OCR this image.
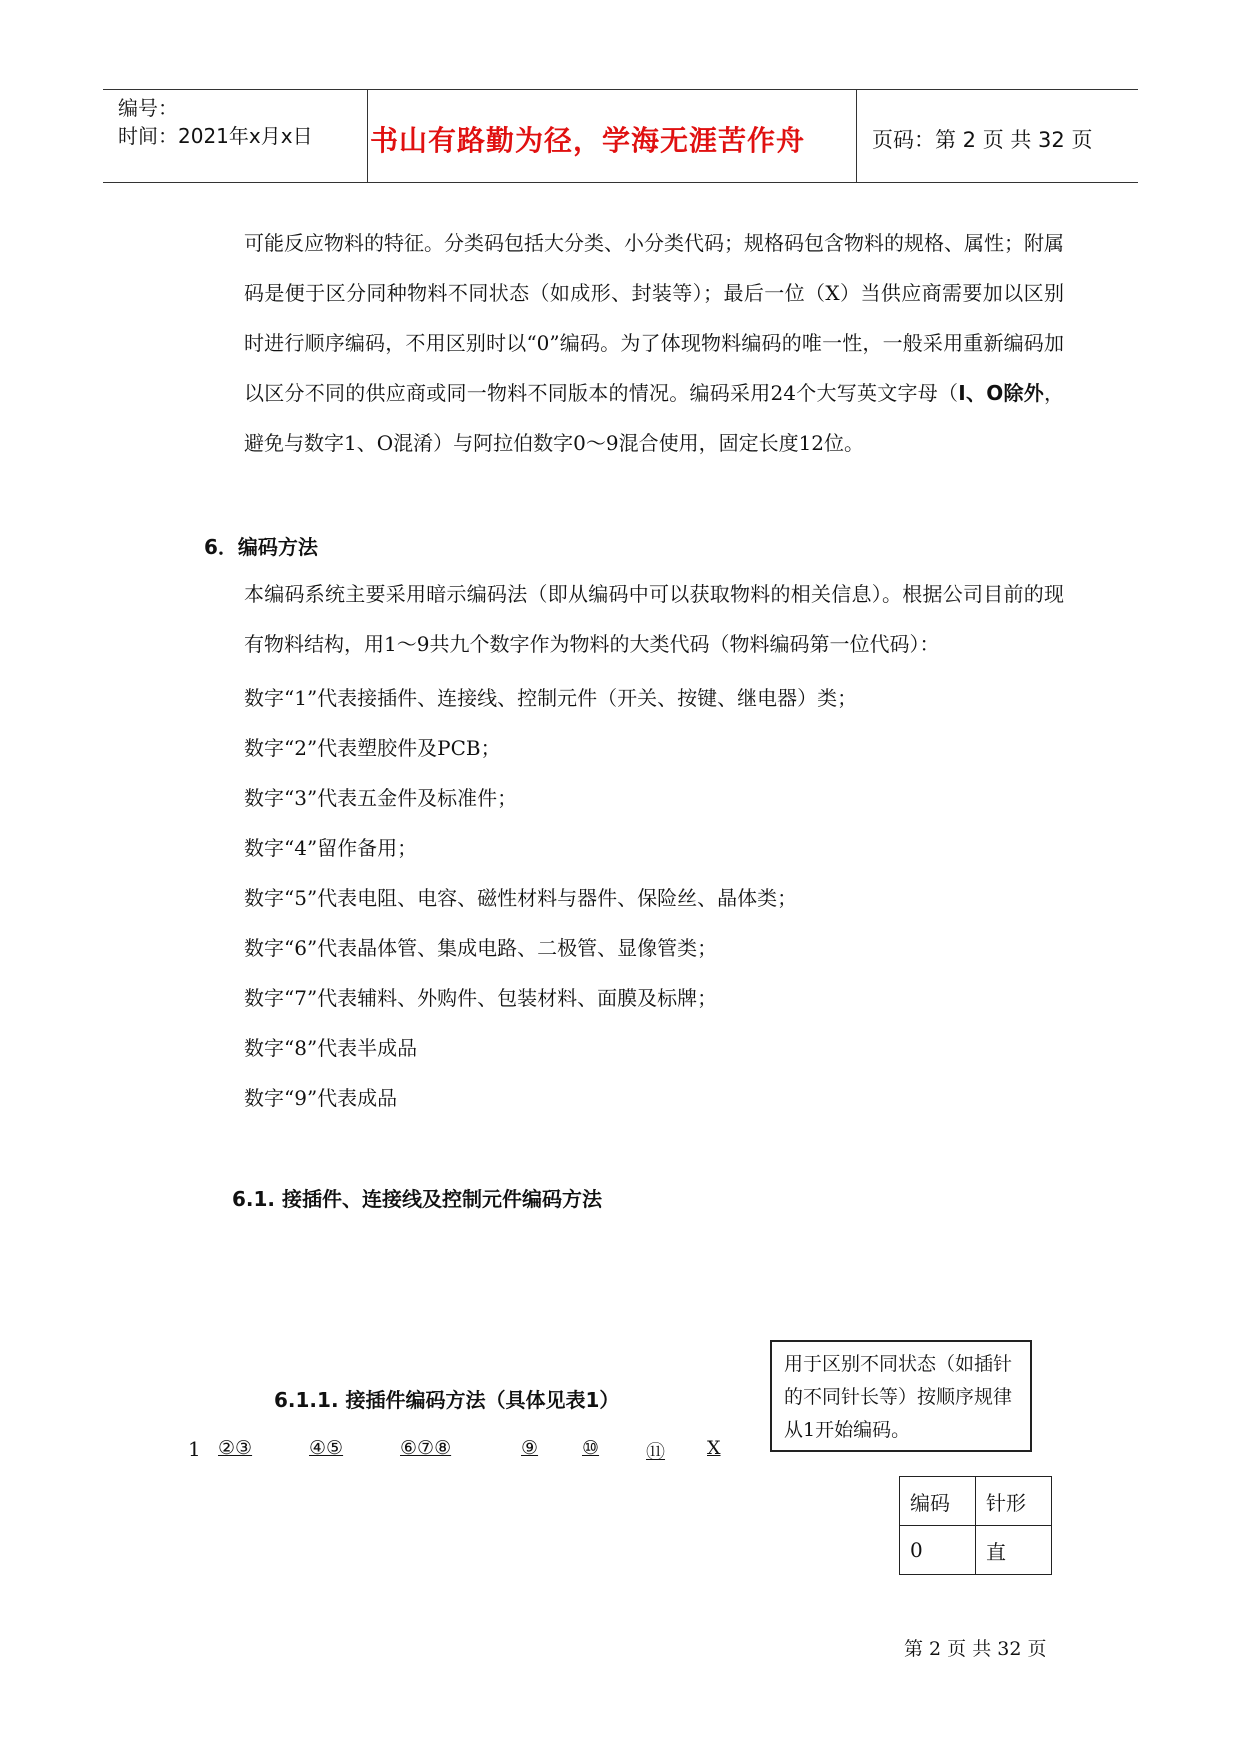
编号：
时间：2021年x月x日 书山有路勤为径，学海无涯苦作舟	页码：第 2 页 共 32 页

可能反应物料的特征。分类码包括大分类、小分类代码；规格码包含物料的规格、属性；附属码是便于区分同种物料不同状态（如成形、封装等）；最后一位（X）当供应商需要加以区别时进行顺序编码，不用区别时以“0”编码。为了体现物料编码的唯一性，一般采用重新编码加以区分不同的供应商或同一物料不同版本的情况。编码采用24个大写英文字母（I、O除外，避免与数字1、O混淆）与阿拉伯数字0～9混合使用，固定长度12位。

6．编码方法

本编码系统主要采用暗示编码法（即从编码中可以获取物料的相关信息）。根据公司目前的现有物料结构，用1～9共九个数字作为物料的大类代码（物料编码第一位代码）：

数字“1”代表接插件、连接线、控制元件（开关、按键、继电器）类；
数字“2”代表塑胶件及PCB；
数字“3”代表五金件及标准件；
数字“4”留作备用；
数字“5”代表电阻、电容、磁性材料与器件、保险丝、晶体类；
数字“6”代表晶体管、集成电路、二极管、显像管类；
数字“7”代表辅料、外购件、包装材料、面膜及标牌；
数字“8”代表半成品
数字“9”代表成品
6.1. 接插件、连接线及控制元件编码方法
6.1.1. 接插件编码方法（具体见表1）
用于区别不同状态（如插针的不同针长等）按顺序规律从1开始编码。
1 ②③	④⑤	⑥⑦⑧	⑨ ⑩ ⑪ X
编码	针形
0	直
第 2 页 共 32 页
